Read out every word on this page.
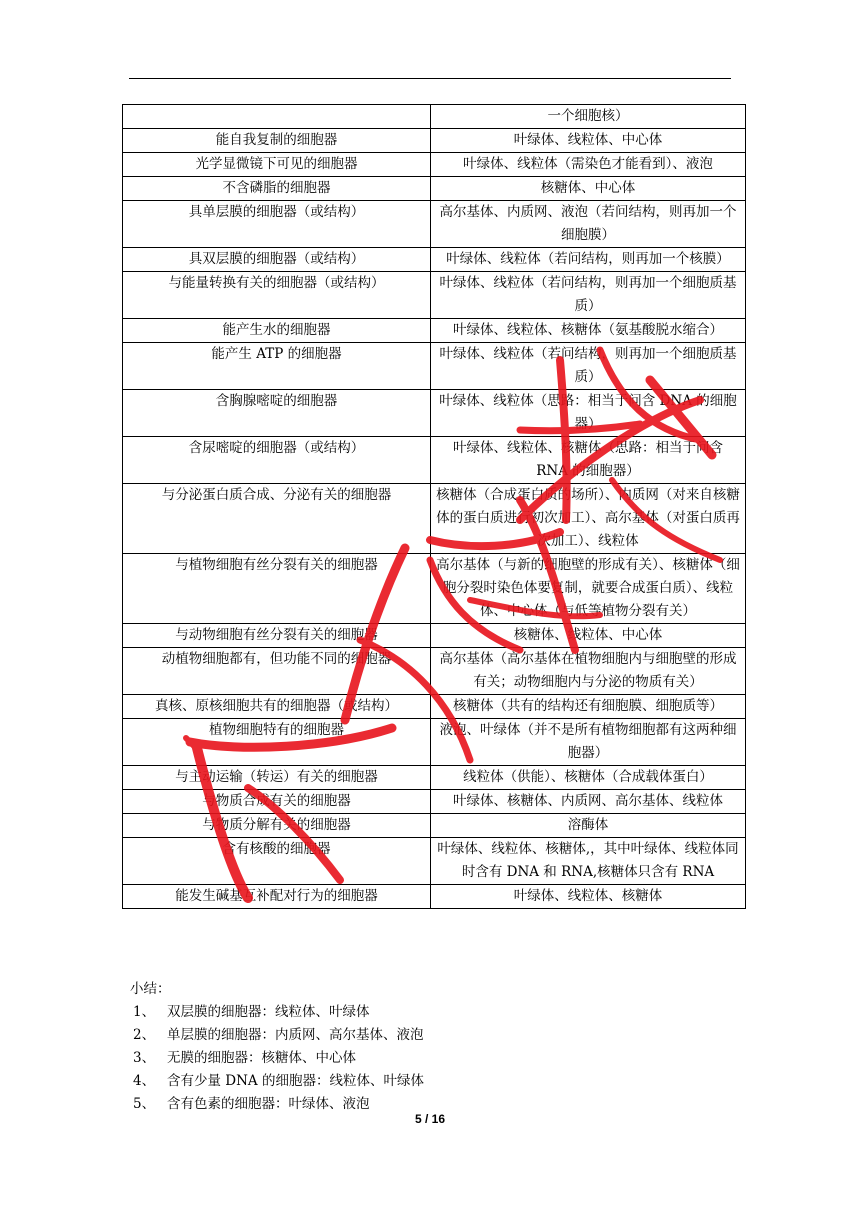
	一个细胞核）
能自我复制的细胞器	叶绿体、线粒体、中心体
光学显微镜下可见的细胞器	叶绿体、线粒体（需染色才能看到）、液泡
不含磷脂的细胞器	核糖体、中心体
具单层膜的细胞器（或结构）	高尔基体、内质网、液泡（若问结构，则再加一个细胞膜）
具双层膜的细胞器（或结构）	叶绿体、线粒体（若问结构，则再加一个核膜）
与能量转换有关的细胞器（或结构）	叶绿体、线粒体（若问结构，则再加一个细胞质基质）
能产生水的细胞器	叶绿体、线粒体、核糖体（氨基酸脱水缩合）
能产生 ATP 的细胞器	叶绿体、线粒体（若问结构，则再加一个细胞质基质）
含胸腺嘧啶的细胞器	叶绿体、线粒体（思路：相当于问含 DNA 的细胞器）
含尿嘧啶的细胞器（或结构）	叶绿体、线粒体、核糖体（思路：相当于问含 RNA 的细胞器）
与分泌蛋白质合成、分泌有关的细胞器	核糖体（合成蛋白质的场所）、内质网（对来自核糖体的蛋白质进行初次加工）、高尔基体（对蛋白质再次加工）、线粒体
与植物细胞有丝分裂有关的细胞器	高尔基体（与新的细胞壁的形成有关）、核糖体（细胞分裂时染色体要复制，就要合成蛋白质）、线粒体、中心体（与低等植物分裂有关）
与动物细胞有丝分裂有关的细胞器	核糖体、线粒体、中心体
动植物细胞都有，但功能不同的细胞器	高尔基体（高尔基体在植物细胞内与细胞壁的形成有关；动物细胞内与分泌的物质有关）
真核、原核细胞共有的细胞器（或结构）	核糖体（共有的结构还有细胞膜、细胞质等）
植物细胞特有的细胞器	液泡、叶绿体（并不是所有植物细胞都有这两种细胞器）
与主动运输（转运）有关的细胞器	线粒体（供能）、核糖体（合成载体蛋白）
与物质合成有关的细胞器	叶绿体、核糖体、内质网、高尔基体、线粒体
与物质分解有关的细胞器	溶酶体
含有核酸的细胞器	叶绿体、线粒体、核糖体,，其中叶绿体、线粒体同时含有 DNA 和 RNA,核糖体只含有 RNA
能发生碱基互补配对行为的细胞器	叶绿体、线粒体、核糖体
小结：
1、 双层膜的细胞器：线粒体、叶绿体
2、 单层膜的细胞器：内质网、高尔基体、液泡
3、 无膜的细胞器：核糖体、中心体
4、 含有少量 DNA 的细胞器：线粒体、叶绿体
5、 含有色素的细胞器：叶绿体、液泡
5 / 16
